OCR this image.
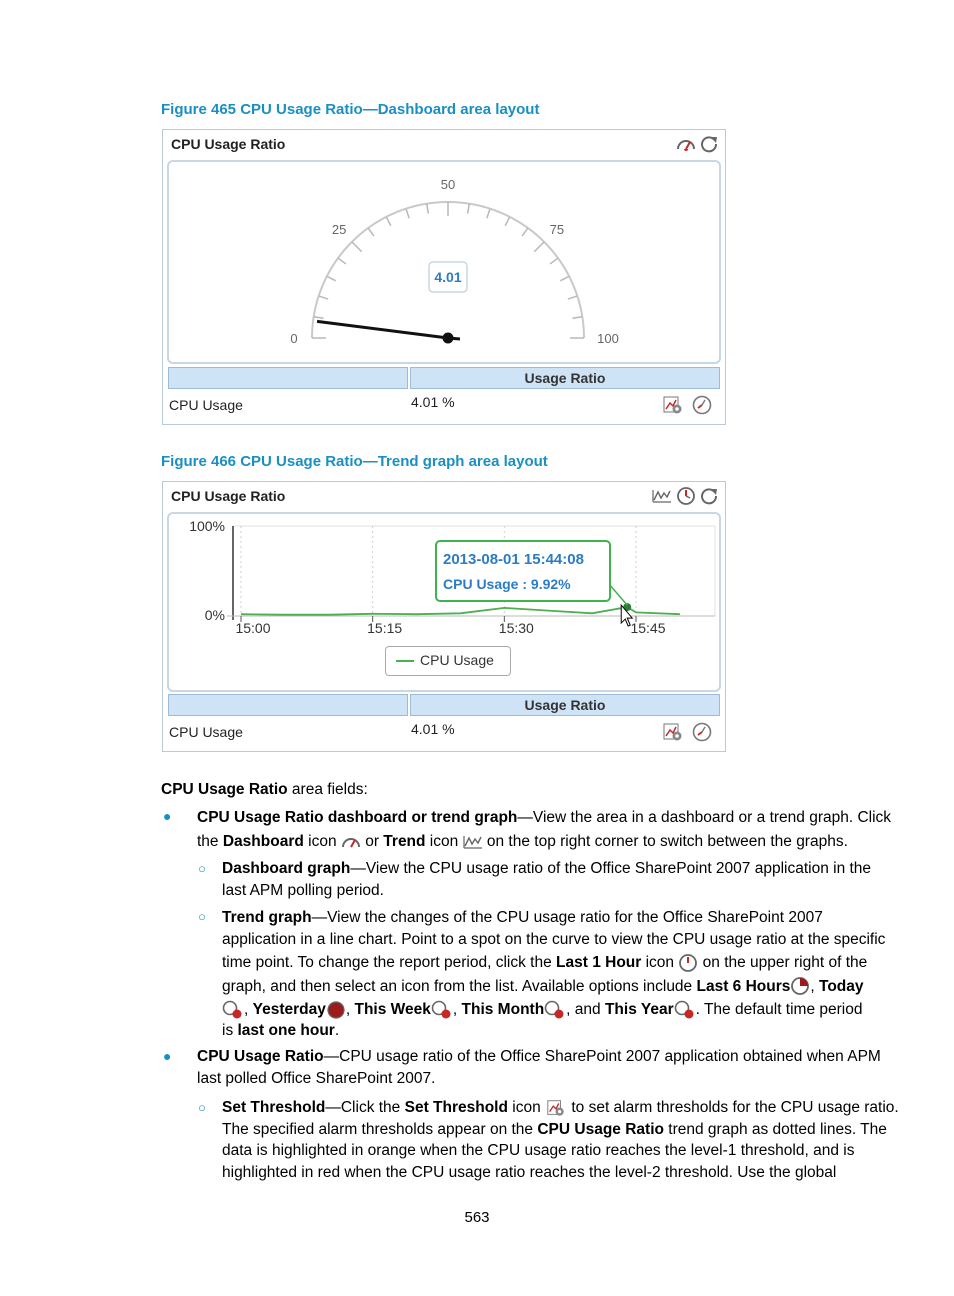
Figure 465 CPU Usage Ratio—Dashboard area layout
CPU Usage Ratio
0
25
50
75
100
4.01
Usage Ratio
CPU Usage	4.01 %
Figure 466 CPU Usage Ratio—Trend graph area layout
CPU Usage Ratio
100%
0%
15:00	15:15	15:30	15:45
2013-08-01 15:44:08
CPU Usage : 9.92%
CPU Usage
Usage Ratio
CPU Usage	4.01 %
CPU Usage Ratio area fields:
● CPU Usage Ratio dashboard or trend graph—View the area in a dashboard or a trend graph. Click
the Dashboard icon  or Trend icon  on the top right corner to switch between the graphs.
○ Dashboard graph—View the CPU usage ratio of the Office SharePoint 2007 application in the
last APM polling period.
○ Trend graph—View the changes of the CPU usage ratio for the Office SharePoint 2007
application in a line chart. Point to a spot on the curve to view the CPU usage ratio at the specific
time point. To change the report period, click the Last 1 Hour icon  on the upper right of the
graph, and then select an icon from the list. Available options include Last 6 Hours , Today
, Yesterday , This Week , This Month , and This Year . The default time period
is last one hour.
● CPU Usage Ratio—CPU usage ratio of the Office SharePoint 2007 application obtained when APM
last polled Office SharePoint 2007.
○ Set Threshold—Click the Set Threshold icon  to set alarm thresholds for the CPU usage ratio.
The specified alarm thresholds appear on the CPU Usage Ratio trend graph as dotted lines. The
data is highlighted in orange when the CPU usage ratio reaches the level-1 threshold, and is
highlighted in red when the CPU usage ratio reaches the level-2 threshold. Use the global
563
